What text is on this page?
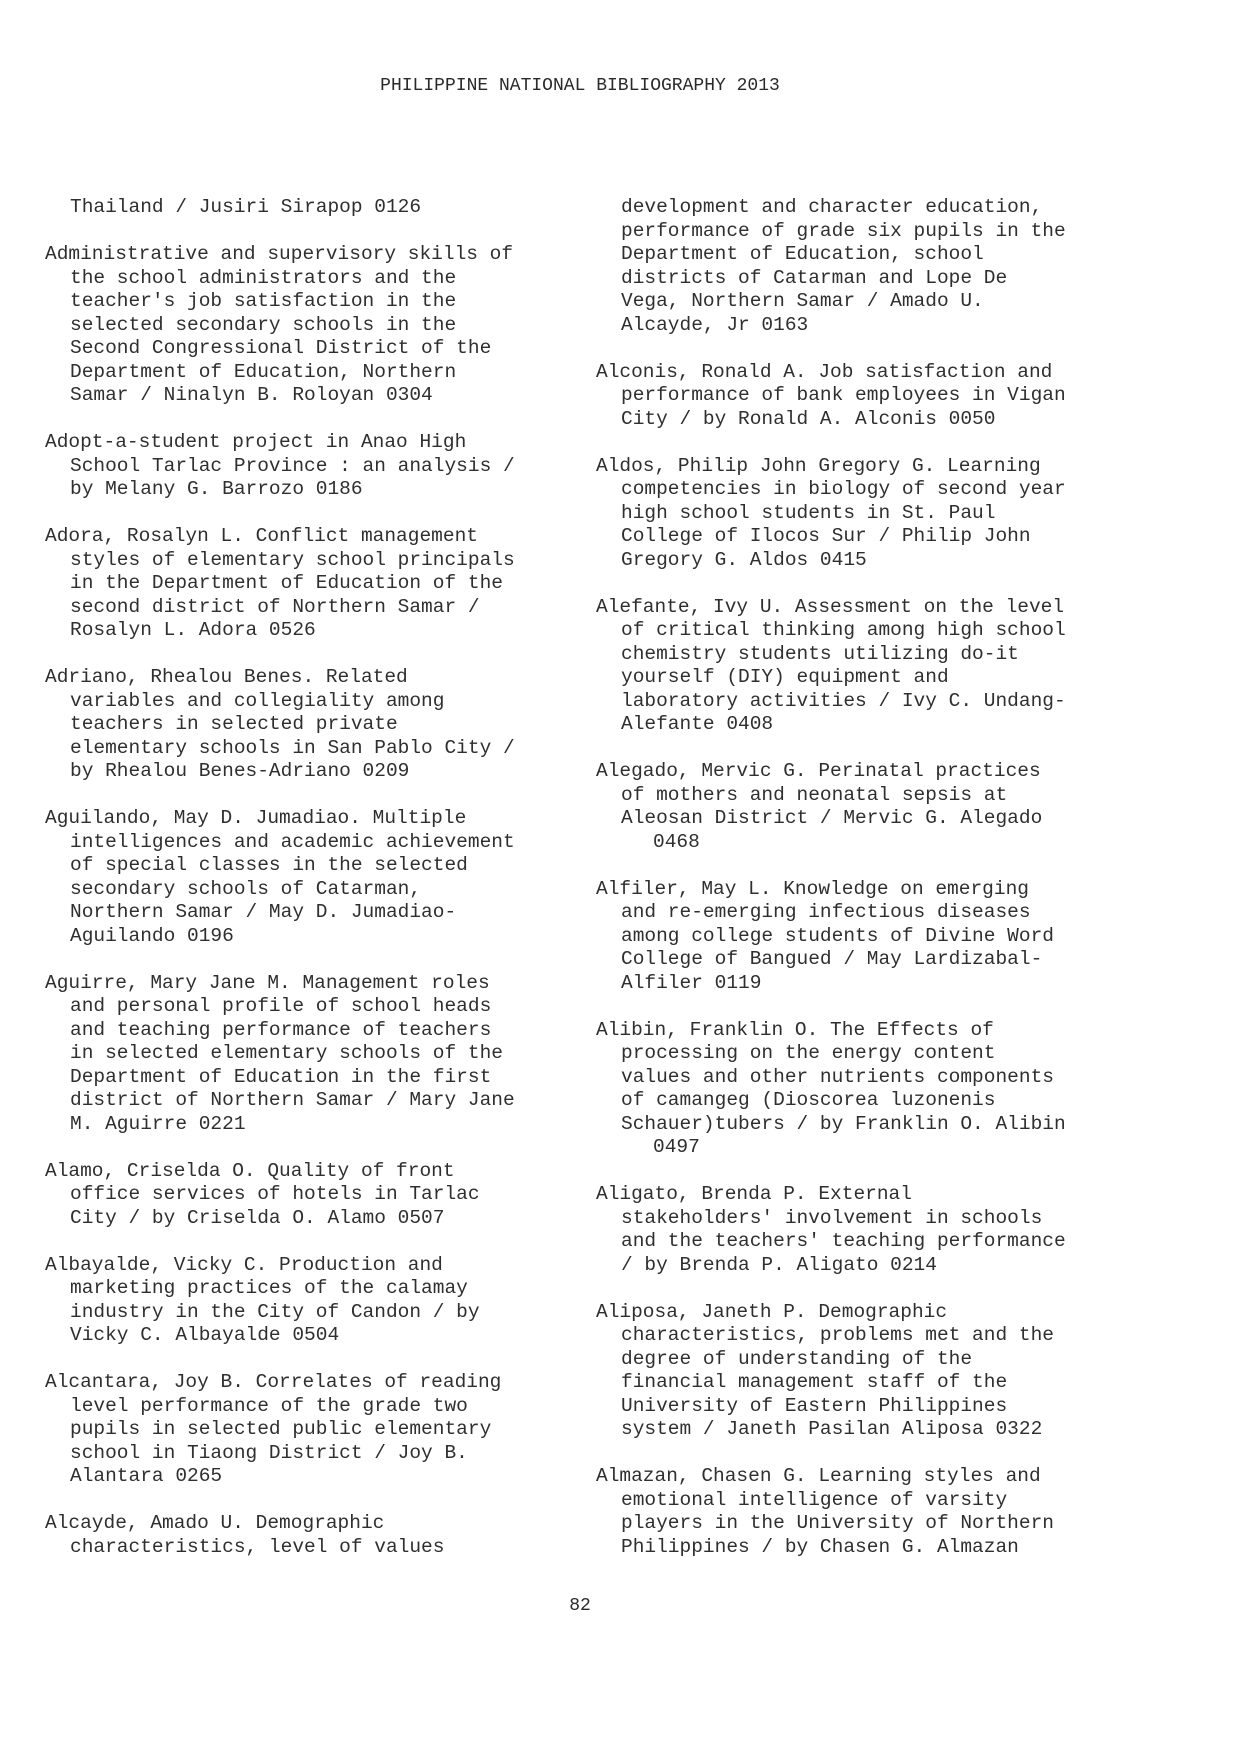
PHILIPPINE NATIONAL BIBLIOGRAPHY 2013
Thailand / Jusiri Sirapop 0126
Administrative and supervisory skills of
the school administrators and the
teacher's job satisfaction in the
selected secondary schools in the
Second Congressional District of the
Department of Education, Northern
Samar / Ninalyn B. Roloyan 0304
Adopt-a-student project in Anao High
School Tarlac Province : an analysis /
by Melany G. Barrozo 0186
Adora, Rosalyn L. Conflict management
styles of elementary school principals
in the Department of Education of the
second district of Northern Samar /
Rosalyn L. Adora 0526
Adriano, Rhealou Benes. Related
variables and collegiality among
teachers in selected private
elementary schools in San Pablo City /
by Rhealou Benes-Adriano 0209
Aguilando, May D. Jumadiao. Multiple
intelligences and academic achievement
of special classes in the selected
secondary schools of Catarman,
Northern Samar / May D. Jumadiao-
Aguilando 0196
Aguirre, Mary Jane M. Management roles
and personal profile of school heads
and teaching performance of teachers
in selected elementary schools of the
Department of Education in the first
district of Northern Samar / Mary Jane
M. Aguirre 0221
Alamo, Criselda O. Quality of front
office services of hotels in Tarlac
City / by Criselda O. Alamo 0507
Albayalde, Vicky C. Production and
marketing practices of the calamay
industry in the City of Candon / by
Vicky C. Albayalde 0504
Alcantara, Joy B. Correlates of reading
level performance of the grade two
pupils in selected public elementary
school in Tiaong District / Joy B.
Alantara 0265
Alcayde, Amado U. Demographic
characteristics, level of values
development and character education,
performance of grade six pupils in the
Department of Education, school
districts of Catarman and Lope De
Vega, Northern Samar / Amado U.
Alcayde, Jr 0163
Alconis, Ronald A. Job satisfaction and
performance of bank employees in Vigan
City / by Ronald A. Alconis 0050
Aldos, Philip John Gregory G. Learning
competencies in biology of second year
high school students in St. Paul
College of Ilocos Sur / Philip John
Gregory G. Aldos 0415
Alefante, Ivy U. Assessment on the level
of critical thinking among high school
chemistry students utilizing do-it
yourself (DIY) equipment and
laboratory activities / Ivy C. Undang-
Alefante 0408
Alegado, Mervic G. Perinatal practices
of mothers and neonatal sepsis at
Aleosan District / Mervic G. Alegado
0468
Alfiler, May L. Knowledge on emerging
and re-emerging infectious diseases
among college students of Divine Word
College of Bangued / May Lardizabal-
Alfiler 0119
Alibin, Franklin O. The Effects of
processing on the energy content
values and other nutrients components
of camangeg (Dioscorea luzonenis
Schauer)tubers / by Franklin O. Alibin
0497
Aligato, Brenda P. External
stakeholders' involvement in schools
and the teachers' teaching performance
/ by Brenda P. Aligato 0214
Aliposa, Janeth P. Demographic
characteristics, problems met and the
degree of understanding of the
financial management staff of the
University of Eastern Philippines
system / Janeth Pasilan Aliposa 0322
Almazan, Chasen G. Learning styles and
emotional intelligence of varsity
players in the University of Northern
Philippines / by Chasen G. Almazan
82
